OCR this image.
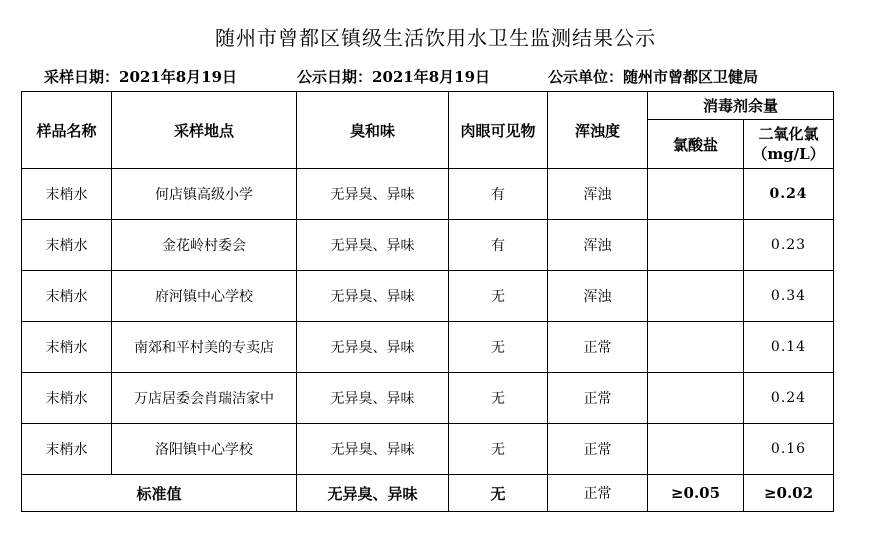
随州市曾都区镇级生活饮用水卫生监测结果公示
采样日期：2021年8月19日	公示日期：2021年8月19日	公示单位：随州市曾都区卫健局
样品名称	采样地点	臭和味	肉眼可见物	浑浊度	消毒剂余量	
					氯酸盐	二氧化氯
（mg/L）

末梢水	何店镇高级小学	无异臭、异味	有	浑浊		0.24
末梢水	金花岭村委会	无异臭、异味	有	浑浊		0.23
末梢水	府河镇中心学校	无异臭、异味	无	浑浊		0.34
末梢水	南郊和平村美的专卖店	无异臭、异味	无	正常		0.14
末梢水	万店居委会肖瑞洁家中	无异臭、异味	无	正常		0.24
末梢水	洛阳镇中心学校	无异臭、异味	无	正常		0.16
标准值		无异臭、异味	无	正常	≥0.05	≥0.02
